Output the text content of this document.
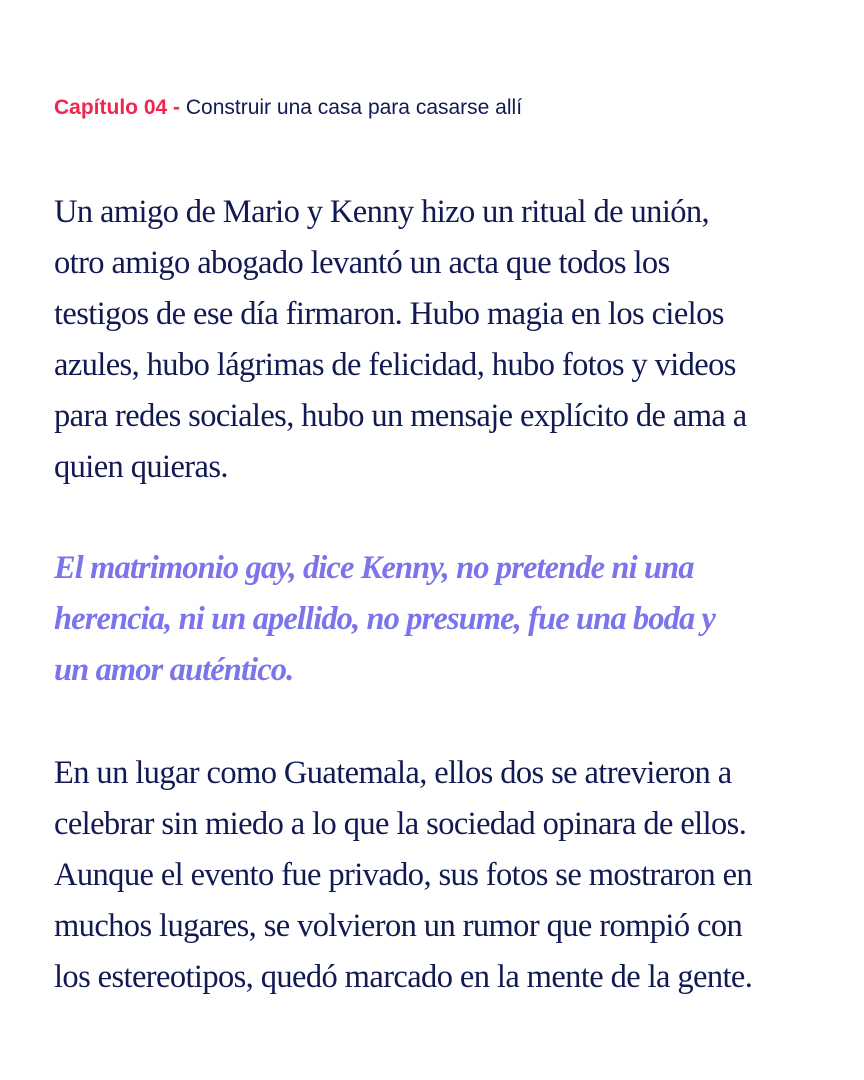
Capítulo 04 - Construir una casa para casarse allí

Un amigo de Mario y Kenny hizo un ritual de unión,
otro amigo abogado levantó un acta que todos los
testigos de ese día firmaron. Hubo magia en los cielos
azules, hubo lágrimas de felicidad, hubo fotos y videos
para redes sociales, hubo un mensaje explícito de ama a
quien quieras.

El matrimonio gay, dice Kenny, no pretende ni una
herencia, ni un apellido, no presume, fue una boda y
un amor auténtico.

En un lugar como Guatemala, ellos dos se atrevieron a
celebrar sin miedo a lo que la sociedad opinara de ellos.
Aunque el evento fue privado, sus fotos se mostraron en
muchos lugares, se volvieron un rumor que rompió con
los estereotipos, quedó marcado en la mente de la gente.
